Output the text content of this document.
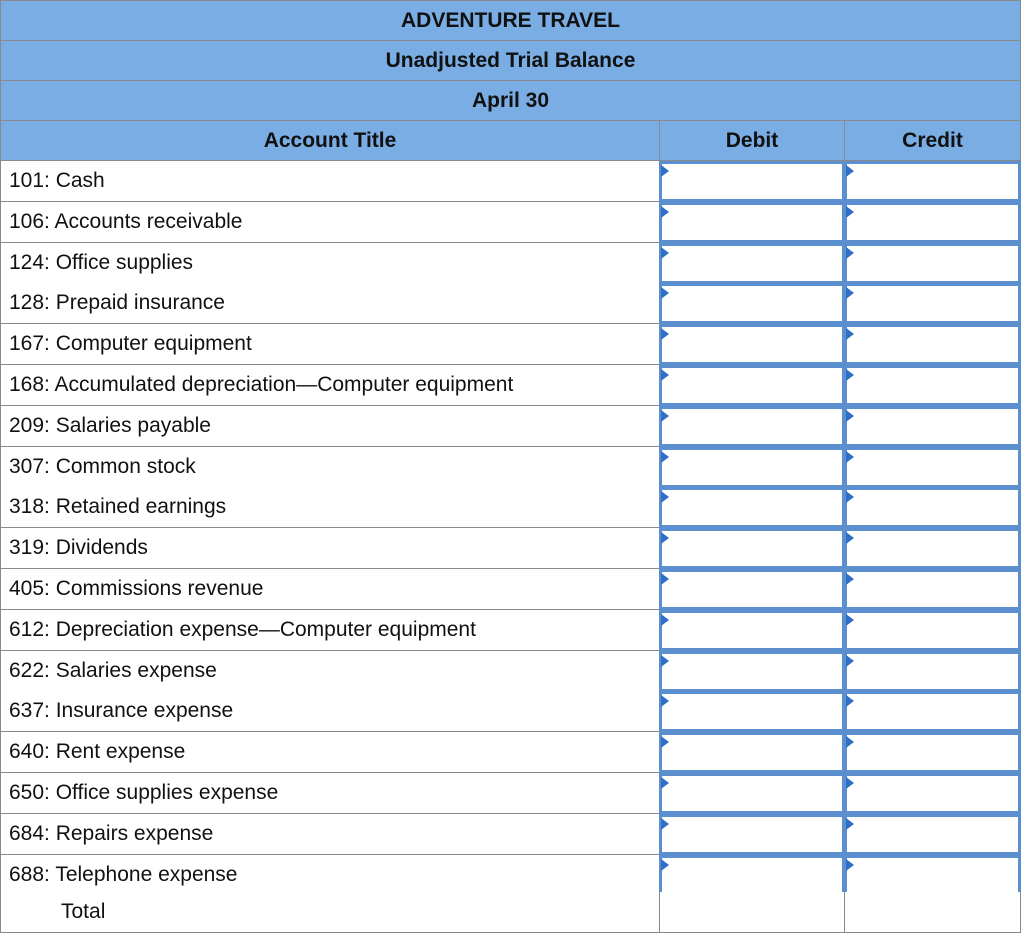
ADVENTURE TRAVEL
Unadjusted Trial Balance
April 30
Account Title	Debit	Credit
101: Cash
106: Accounts receivable
124: Office supplies
128: Prepaid insurance
167: Computer equipment
168: Accumulated depreciation—Computer equipment
209: Salaries payable
307: Common stock
318: Retained earnings
319: Dividends
405: Commissions revenue
612: Depreciation expense—Computer equipment
622: Salaries expense
637: Insurance expense
640: Rent expense
650: Office supplies expense
684: Repairs expense
688: Telephone expense
Total
